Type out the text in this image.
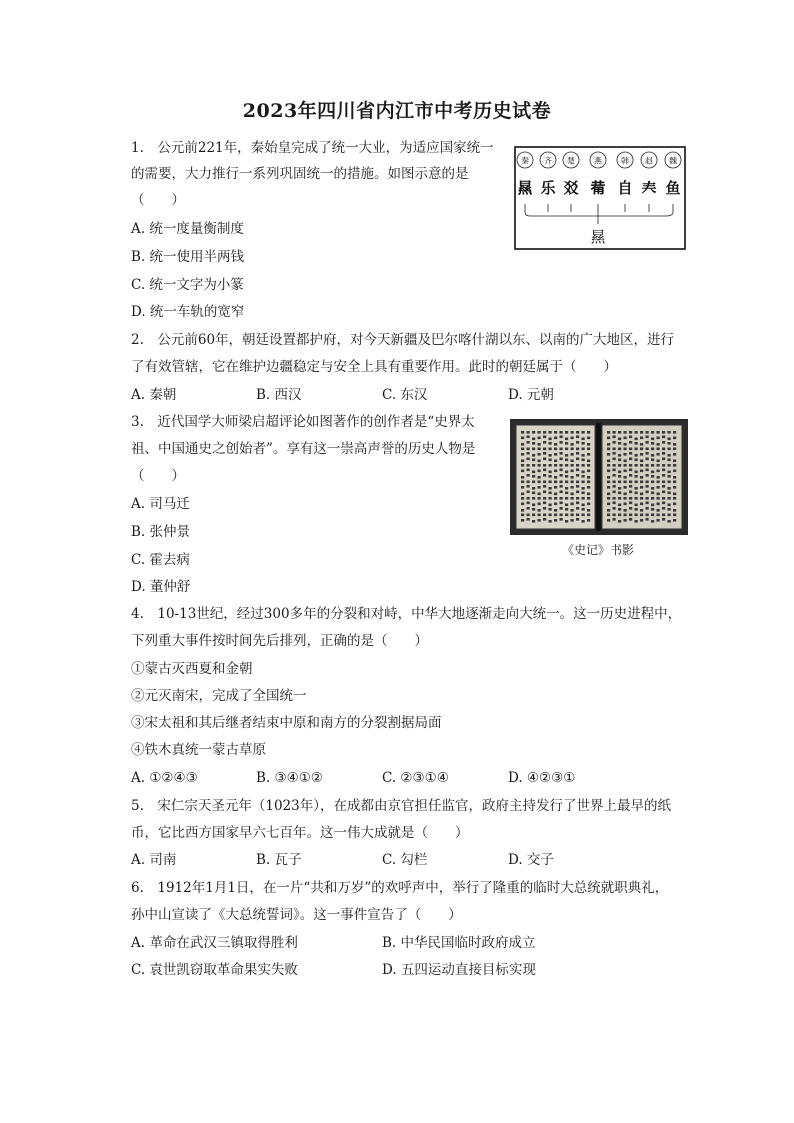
2023年四川省内江市中考历史试卷
1.　公元前221年，秦始皇完成了统一大业，为适应国家统一
的需要，大力推行一系列巩固统一的措施。如图示意的是
（　　）
A. 统一度量衡制度
B. 统一使用半两钱
C. 统一文字为小篆
D. 统一车轨的宽窄
秦
㬎
齐
乐
楚
㸚
燕
𤰇
韩
自
赵
𡗗
魏
鱼
㬎
2.　公元前60年，朝廷设置都护府，对今天新疆及巴尔喀什湖以东、以南的广大地区，进行
了有效管辖，它在维护边疆稳定与安全上具有重要作用。此时的朝廷属于（　　）
A. 秦朝	B. 西汉	C. 东汉	D. 元朝
3.　近代国学大师梁启超评论如图著作的创作者是“史界太
祖、中国通史之创始者”。享有这一崇高声誉的历史人物是
（　　）
A. 司马迁
B. 张仲景
C. 霍去病
D. 董仲舒
《史记》书影
4.　10-13世纪，经过300多年的分裂和对峙，中华大地逐渐走向大统一。这一历史进程中，
下列重大事件按时间先后排列，正确的是（　　）
①蒙古灭西夏和金朝
②元灭南宋，完成了全国统一
③宋太祖和其后继者结束中原和南方的分裂割据局面
④铁木真统一蒙古草原
A. ①②④③	B. ③④①②	C. ②③①④	D. ④②③①
5.　宋仁宗天圣元年（1023年），在成都由京官担任监官，政府主持发行了世界上最早的纸
币，它比西方国家早六七百年。这一伟大成就是（　　）
A. 司南	B. 瓦子	C. 勾栏	D. 交子
6.　1912年1月1日，在一片“共和万岁”的欢呼声中，举行了隆重的临时大总统就职典礼，
孙中山宣读了《大总统誓词》。这一事件宣告了（　　）
A. 革命在武汉三镇取得胜利	B. 中华民国临时政府成立
C. 袁世凯窃取革命果实失败	D. 五四运动直接目标实现
